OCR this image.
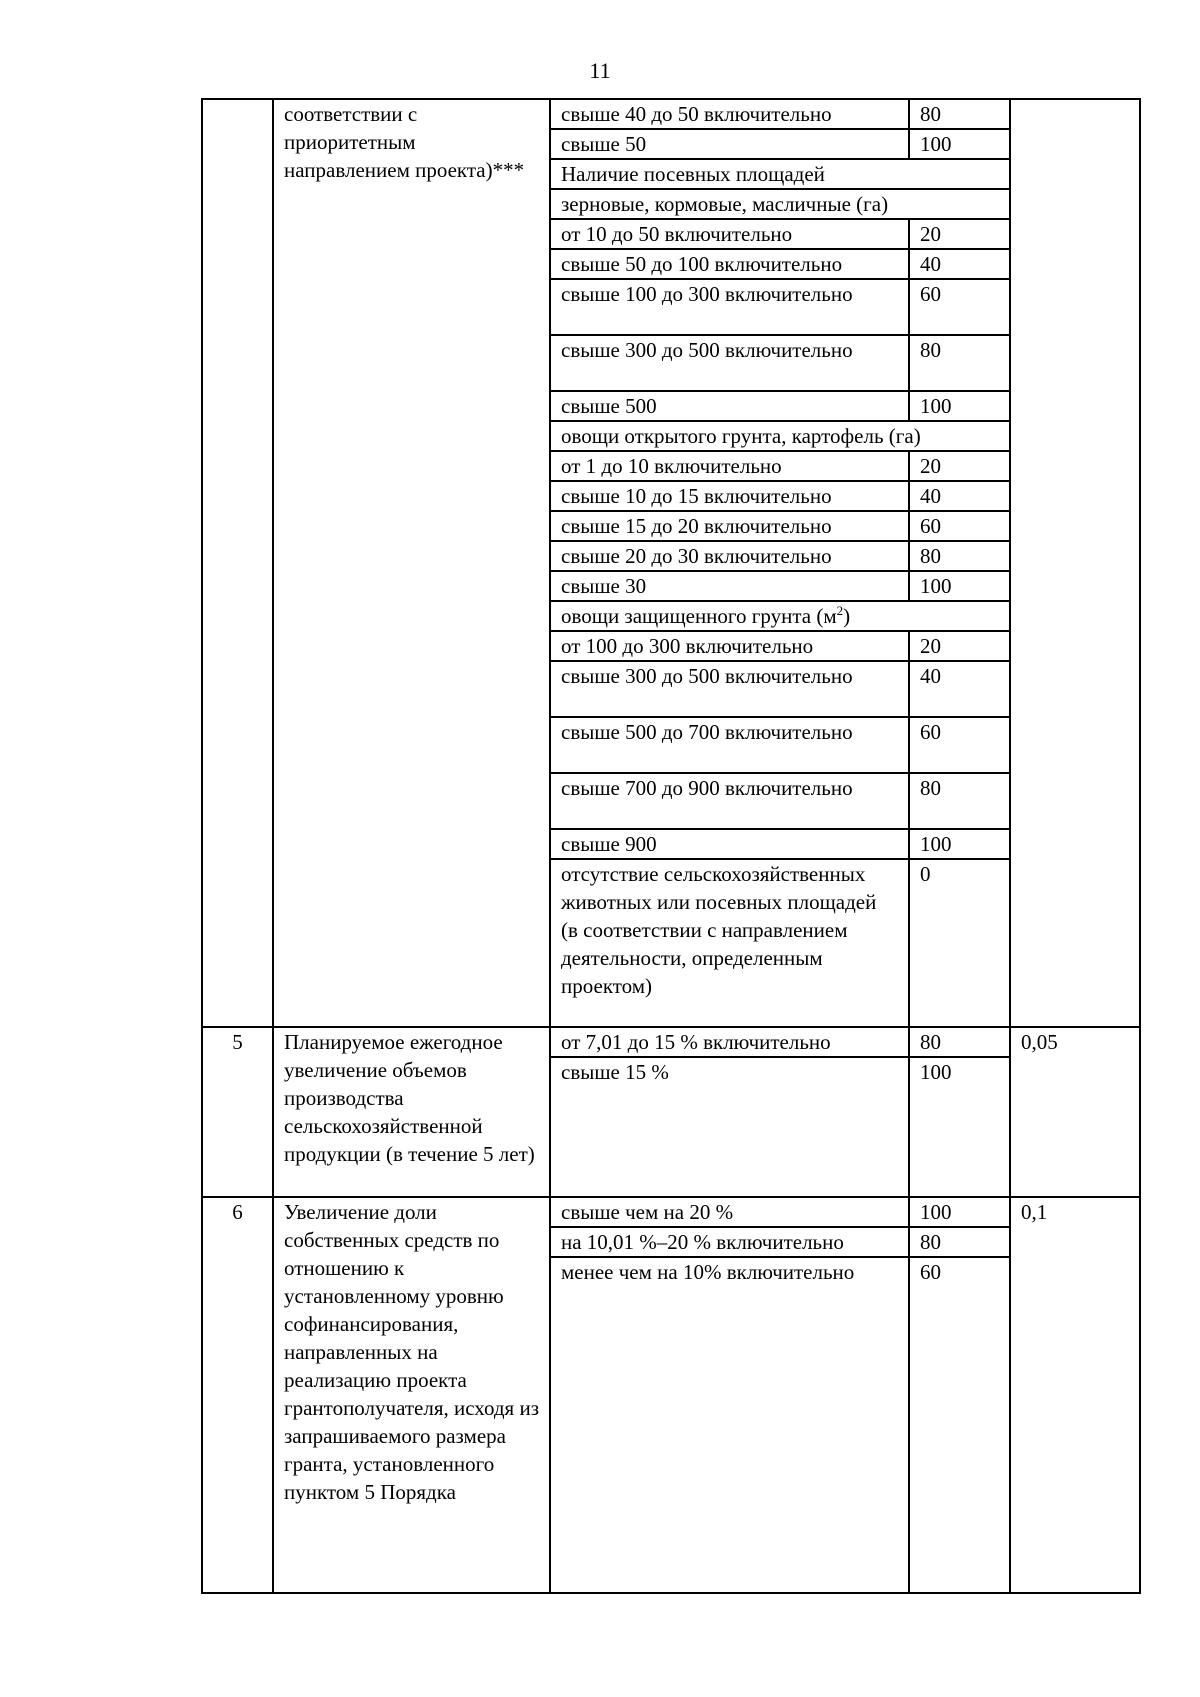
11
	соответствии с приоритетным направлением проекта)***	свыше 40 до 50 включительно	80	
		свыше 50	100	
		Наличие посевных площадей		
		зерновые, кормовые, масличные (га)		
		от 10 до 50 включительно	20	
		свыше 50 до 100 включительно	40	
		свыше 100 до 300 включительно	60	
		свыше 300 до 500 включительно	80	
		свыше 500	100	
		овощи открытого грунта, картофель (га)		
		от 1 до 10 включительно	20	
		свыше 10 до 15 включительно	40	
		свыше 15 до 20 включительно	60	
		свыше 20 до 30 включительно	80	
		свыше 30	100	
		овощи защищенного грунта $(м^2)$		
		от 100 до 300 включительно	20	
		свыше 300 до 500 включительно	40	
		свыше 500 до 700 включительно	60	
		свыше 700 до 900 включительно	80	
		свыше 900	100	
		отсутствие сельскохозяйственных животных или посевных площадей (в соответствии с направлением деятельности, определенным проектом)	0	
5	Планируемое ежегодное увеличение объемов производства сельскохозяйственной продукции (в течение 5 лет)	от 7,01 до 15 % включительно	80	0,05
		свыше 15 %	100	
6	Увеличение доли собственных средств по отношению к установленному уровню софинансирования, направленных на реализацию проекта грантополучателя, исходя из запрашиваемого размера гранта, установленного пунктом 5 Порядка	свыше чем на 20 %	100	0,1
		на 10,01 %–20 % включительно	80	
		менее чем на 10% включительно	60	
